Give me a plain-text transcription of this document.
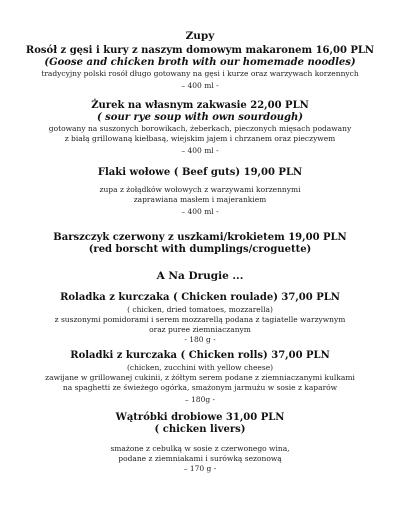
Zupy

Rosół z gęsi i kury z naszym domowym makaronem 16,00 PLN

(Goose and chicken broth with our homemade noodles)

tradycyjny polski rosół długo gotowany na gęsi i kurze oraz warzywach korzennych

– 400 ml -

Żurek na własnym zakwasie 22,00 PLN

( sour rye soup with own sourdough)

gotowany na suszonych borowikach, żeberkach, pieczonych mięsach podawany

z białą grillowaną kiełbasą, wiejskim jajem i chrzanem oraz pieczywem

– 400 ml -

Flaki wołowe ( Beef guts) 19,00 PLN

zupa z żołądków wołowych z warzywami korzennymi

zaprawiana masłem i majerankiem

– 400 ml -

Barszczyk czerwony z uszkami/krokietem 19,00 PLN

(red borscht with dumplings/croguette)

A Na Drugie ...

Roladka z kurczaka ( Chicken roulade) 37,00 PLN

( chicken, dried tomatoes, mozzarella)

z suszonymi pomidorami i serem mozzarellą podana z tagiatelle warzywnym

oraz puree ziemniaczanym

- 180 g -

Roladki z kurczaka ( Chicken rolls) 37,00 PLN

(chicken, zucchini with yellow cheese)

zawijane w grillowanej cukinii, z żółtym serem podane z ziemniaczanymi kulkami

na spaghetti ze świeżego ogórka, smażonym jarmużu w sosie z kaparów

– 180g -

Wątróbki drobiowe 31,00 PLN

( chicken livers)

smażone z cebulką w sosie z czerwonego wina,

podane z ziemniakami i surówką sezonową

– 170 g -
